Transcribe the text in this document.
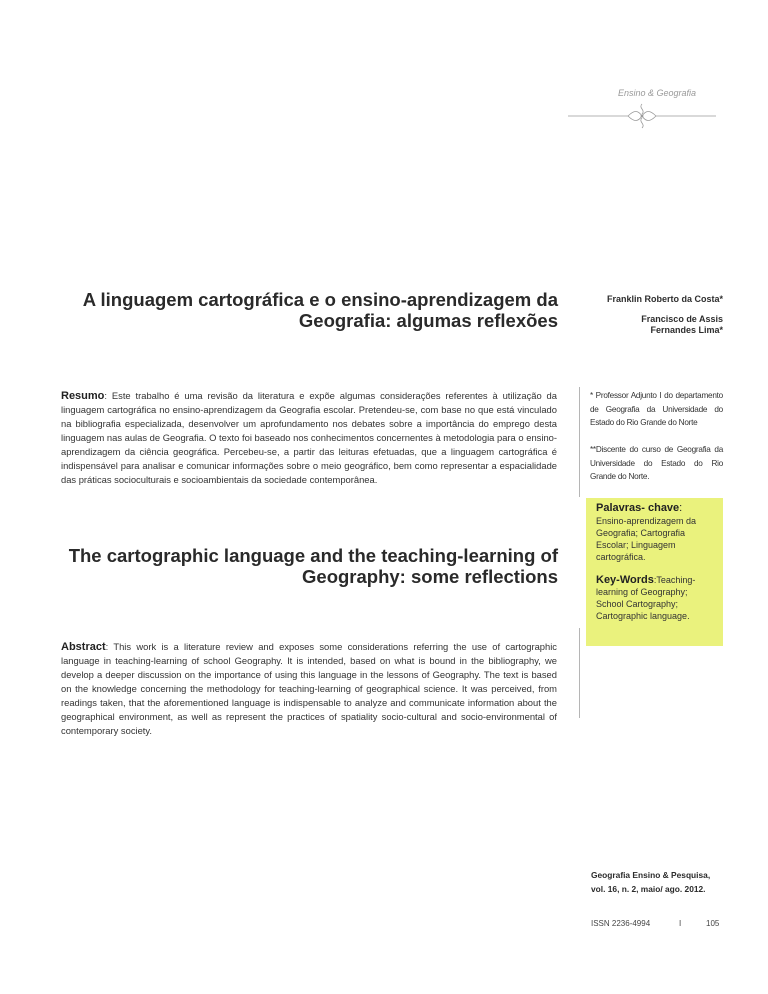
Ensino & Geografia
A linguagem cartográfica e o ensino-aprendizagem da
Geografia: algumas reflexões
Franklin Roberto da Costa*
Francisco de Assis
Fernandes Lima*
Resumo: Este trabalho é uma revisão da literatura e expõe algumas considerações referentes à utilização da linguagem cartográfica no ensino-aprendizagem da Geografia escolar. Pretendeu-se, com base no que está vinculado na bibliografia especializada, desenvolver um aprofundamento nos debates sobre a importância do emprego desta linguagem nas aulas de Geografia. O texto foi baseado nos conhecimentos concernentes à metodologia para o ensino-aprendizagem da ciência geográfica. Percebeu-se, a partir das leituras efetuadas, que a linguagem cartográfica é indispensável para analisar e comunicar informações sobre o meio geográfico, bem como representar a espacialidade das práticas socioculturais e socioambientais da sociedade contemporânea.
* Professor Adjunto I do departamento de Geografia da Universidade do Estado do Rio Grande do Norte
**Discente do curso de Geografia da Universidade do Estado do Rio Grande do Norte.
Palavras- chave:
Ensino-aprendizagem da Geografia; Cartografia Escolar; Linguagem cartográfica.
Key-Words:Teaching-learning of Geography; School Cartography; Cartographic language.
The cartographic language and the teaching-learning of
Geography: some reflections
Abstract: This work is a literature review and exposes some considerations referring the use of cartographic language in teaching-learning of school Geography. It is intended, based on what is bound in the bibliography, we develop a deeper discussion on the importance of using this language in the lessons of Geography. The text is based on the knowledge concerning the methodology for teaching-learning of geographical science. It was perceived, from readings taken, that the aforementioned language is indispensable to analyze and communicate information about the geographical environment, as well as represent the practices of spatiality socio-cultural and socio-environmental of contemporary society.
Geografia Ensino & Pesquisa,
vol. 16, n. 2, maio/ ago. 2012.
ISSN 2236-4994	I	105
